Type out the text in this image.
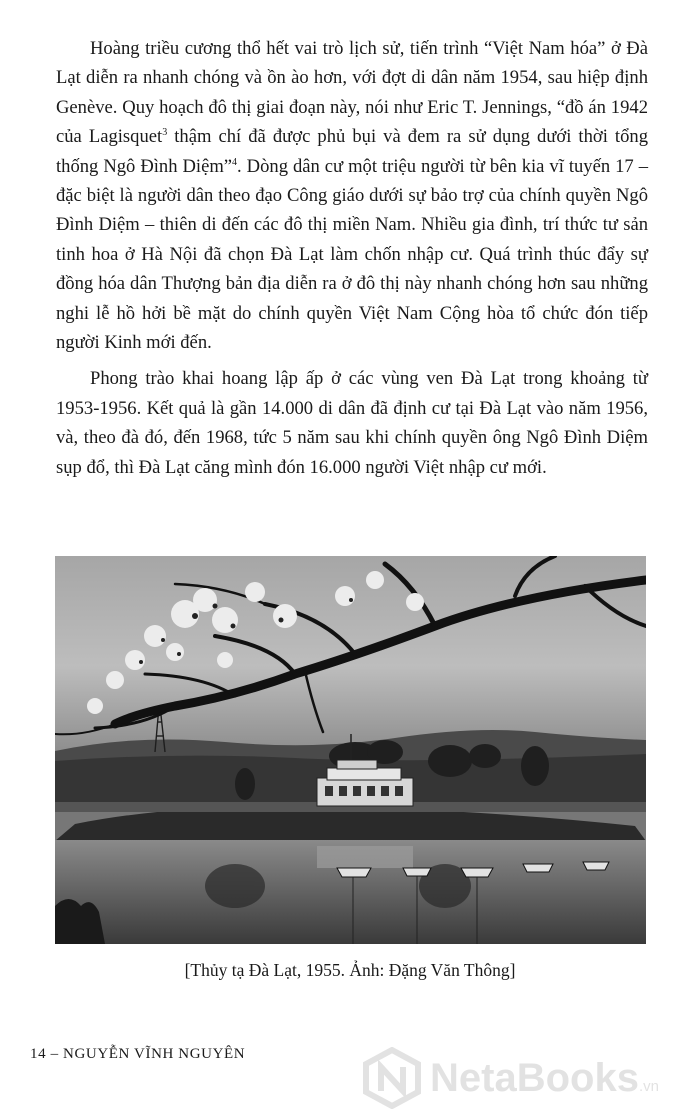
Hoàng triều cương thổ hết vai trò lịch sử, tiến trình “Việt Nam hóa” ở Đà Lạt diễn ra nhanh chóng và ồn ào hơn, với đợt di dân năm 1954, sau hiệp định Genève. Quy hoạch đô thị giai đoạn này, nói như Eric T. Jennings, “đồ án 1942 của Lagisquet$^3$ thậm chí đã được phủ bụi và đem ra sử dụng dưới thời tổng thống Ngô Đình Diệm”$^4$. Dòng dân cư một triệu người từ bên kia vĩ tuyến 17 – đặc biệt là người dân theo đạo Công giáo dưới sự bảo trợ của chính quyền Ngô Đình Diệm – thiên di đến các đô thị miền Nam. Nhiều gia đình, trí thức tư sản tinh hoa ở Hà Nội đã chọn Đà Lạt làm chốn nhập cư. Quá trình thúc đẩy sự đồng hóa dân Thượng bản địa diễn ra ở đô thị này nhanh chóng hơn sau những nghi lễ hồ hởi bề mặt do chính quyền Việt Nam Cộng hòa tổ chức đón tiếp người Kinh mới đến.

Phong trào khai hoang lập ấp ở các vùng ven Đà Lạt trong khoảng từ 1953-1956. Kết quả là gần 14.000 di dân đã định cư tại Đà Lạt vào năm 1956, và, theo đà đó, đến 1968, tức 5 năm sau khi chính quyền ông Ngô Đình Diệm sụp đổ, thì Đà Lạt căng mình đón 16.000 người Việt nhập cư mới.

[Thủy tạ Đà Lạt, 1955. Ảnh: Đặng Văn Thông]
14 – NGUYỄN VĨNH NGUYÊN
NetaBooks.vn
